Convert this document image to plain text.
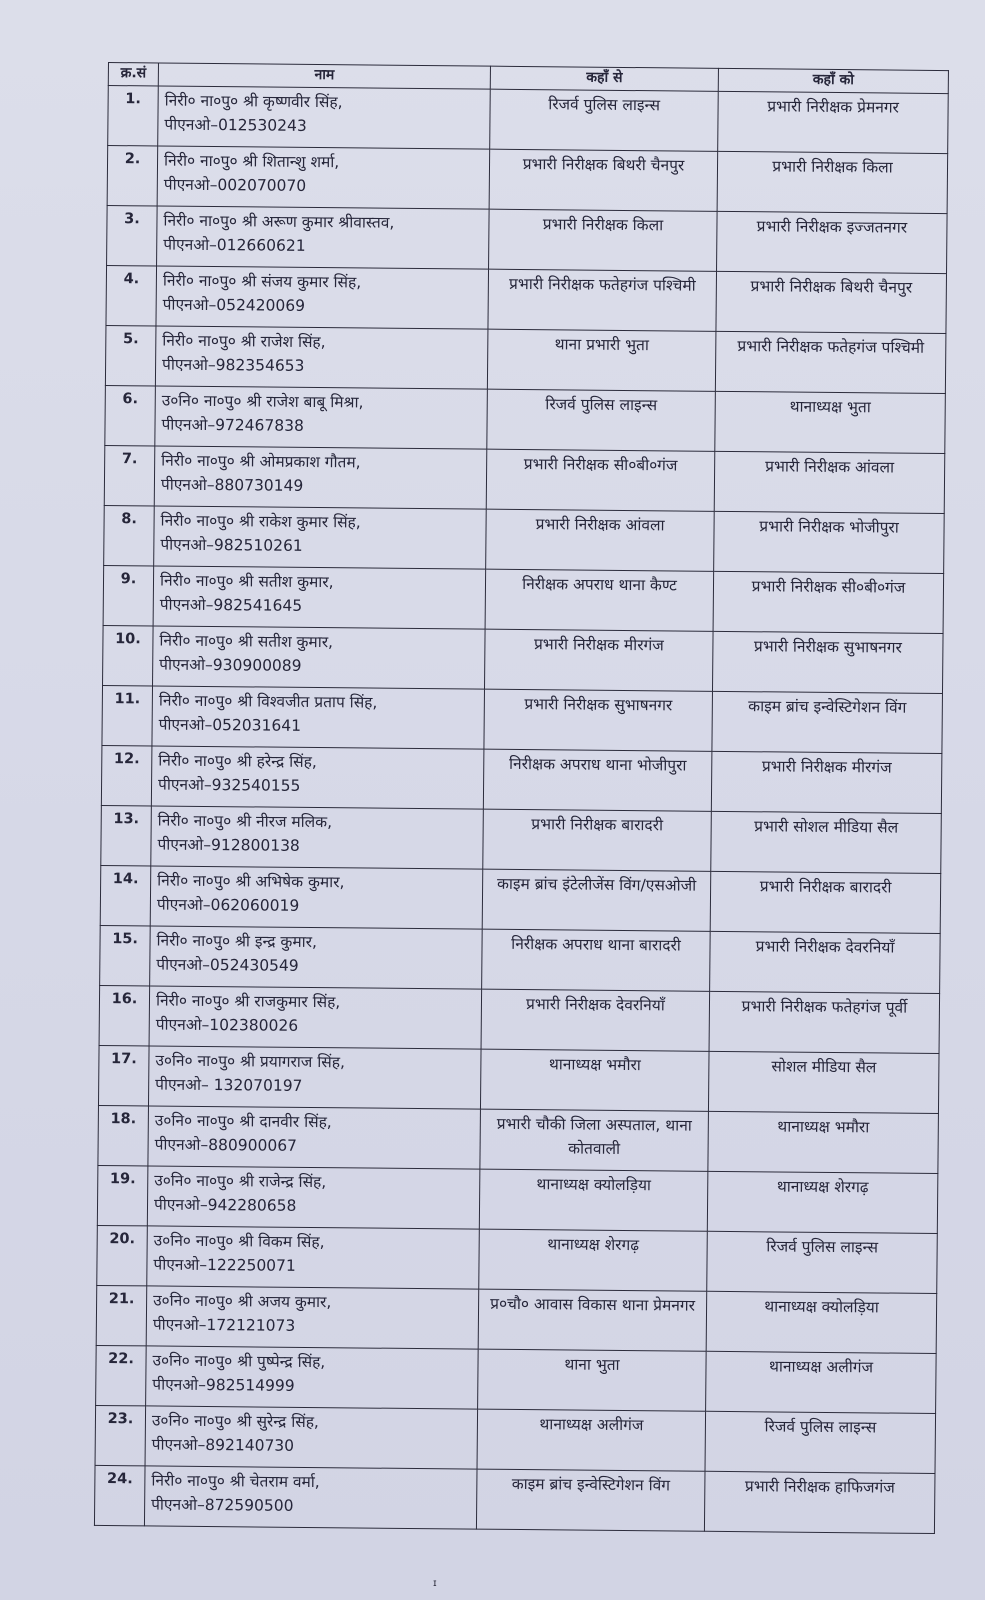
क्र.सं	नाम	कहाँ से	कहाँ को
1.	निरी० ना०पु० श्री कृष्णवीर सिंह,
पीएनओ–012530243	रिजर्व पुलिस लाइन्स	प्रभारी निरीक्षक प्रेमनगर
2.	निरी० ना०पु० श्री शितान्शु शर्मा,
पीएनओ–002070070	प्रभारी निरीक्षक बिथरी चैनपुर	प्रभारी निरीक्षक किला
3.	निरी० ना०पु० श्री अरूण कुमार श्रीवास्तव,
पीएनओ–012660621	प्रभारी निरीक्षक किला	प्रभारी निरीक्षक इज्जतनगर
4.	निरी० ना०पु० श्री संजय कुमार सिंह,
पीएनओ–052420069	प्रभारी निरीक्षक फतेहगंज पश्चिमी	प्रभारी निरीक्षक बिथरी चैनपुर
5.	निरी० ना०पु० श्री राजेश सिंह,
पीएनओ–982354653	थाना प्रभारी भुता	प्रभारी निरीक्षक फतेहगंज पश्चिमी
6.	उ०नि० ना०पु० श्री राजेश बाबू मिश्रा,
पीएनओ–972467838	रिजर्व पुलिस लाइन्स	थानाध्यक्ष भुता
7.	निरी० ना०पु० श्री ओमप्रकाश गौतम,
पीएनओ–880730149	प्रभारी निरीक्षक सी०बी०गंज	प्रभारी निरीक्षक आंवला
8.	निरी० ना०पु० श्री राकेश कुमार सिंह,
पीएनओ–982510261	प्रभारी निरीक्षक आंवला	प्रभारी निरीक्षक भोजीपुरा
9.	निरी० ना०पु० श्री सतीश कुमार,
पीएनओ–982541645	निरीक्षक अपराध थाना कैण्ट	प्रभारी निरीक्षक सी०बी०गंज
10.	निरी० ना०पु० श्री सतीश कुमार,
पीएनओ–930900089	प्रभारी निरीक्षक मीरगंज	प्रभारी निरीक्षक सुभाषनगर
11.	निरी० ना०पु० श्री विश्वजीत प्रताप सिंह,
पीएनओ–052031641	प्रभारी निरीक्षक सुभाषनगर	काइम ब्रांच इन्वेस्टिगेशन विंग
12.	निरी० ना०पु० श्री हरेन्द्र सिंह,
पीएनओ–932540155	निरीक्षक अपराध थाना भोजीपुरा	प्रभारी निरीक्षक मीरगंज
13.	निरी० ना०पु० श्री नीरज मलिक,
पीएनओ–912800138	प्रभारी निरीक्षक बारादरी	प्रभारी सोशल मीडिया सैल
14.	निरी० ना०पु० श्री अभिषेक कुमार,
पीएनओ–062060019	काइम ब्रांच इंटेलीजेंस विंग/एसओजी	प्रभारी निरीक्षक बारादरी
15.	निरी० ना०पु० श्री इन्द्र कुमार,
पीएनओ–052430549	निरीक्षक अपराध थाना बारादरी	प्रभारी निरीक्षक देवरनियॉं
16.	निरी० ना०पु० श्री राजकुमार सिंह,
पीएनओ–102380026	प्रभारी निरीक्षक देवरनियॉं	प्रभारी निरीक्षक फतेहगंज पूर्वी
17.	उ०नि० ना०पु० श्री प्रयागराज सिंह,
पीएनओ– 132070197	थानाध्यक्ष भमौरा	सोशल मीडिया सैल
18.	उ०नि० ना०पु० श्री दानवीर सिंह,
पीएनओ–880900067	प्रभारी चौकी जिला अस्पताल, थाना कोतवाली	थानाध्यक्ष भमौरा
19.	उ०नि० ना०पु० श्री राजेन्द्र सिंह,
पीएनओ–942280658	थानाध्यक्ष क्योलड़िया	थानाध्यक्ष शेरगढ़
20.	उ०नि० ना०पु० श्री विकम सिंह,
पीएनओ–122250071	थानाध्यक्ष शेरगढ़	रिजर्व पुलिस लाइन्स
21.	उ०नि० ना०पु० श्री अजय कुमार,
पीएनओ–172121073	प्र०चौ० आवास विकास थाना प्रेमनगर	थानाध्यक्ष क्योलड़िया
22.	उ०नि० ना०पु० श्री पुष्पेन्द्र सिंह,
पीएनओ–982514999	थाना भुता	थानाध्यक्ष अलीगंज
23.	उ०नि० ना०पु० श्री सुरेन्द्र सिंह,
पीएनओ–892140730	थानाध्यक्ष अलीगंज	रिजर्व पुलिस लाइन्स
24.	निरी० ना०पु० श्री चेतराम वर्मा,
पीएनओ–872590500	काइम ब्रांच इन्वेस्टिगेशन विंग	प्रभारी निरीक्षक हाफिजगंज
ɪ
